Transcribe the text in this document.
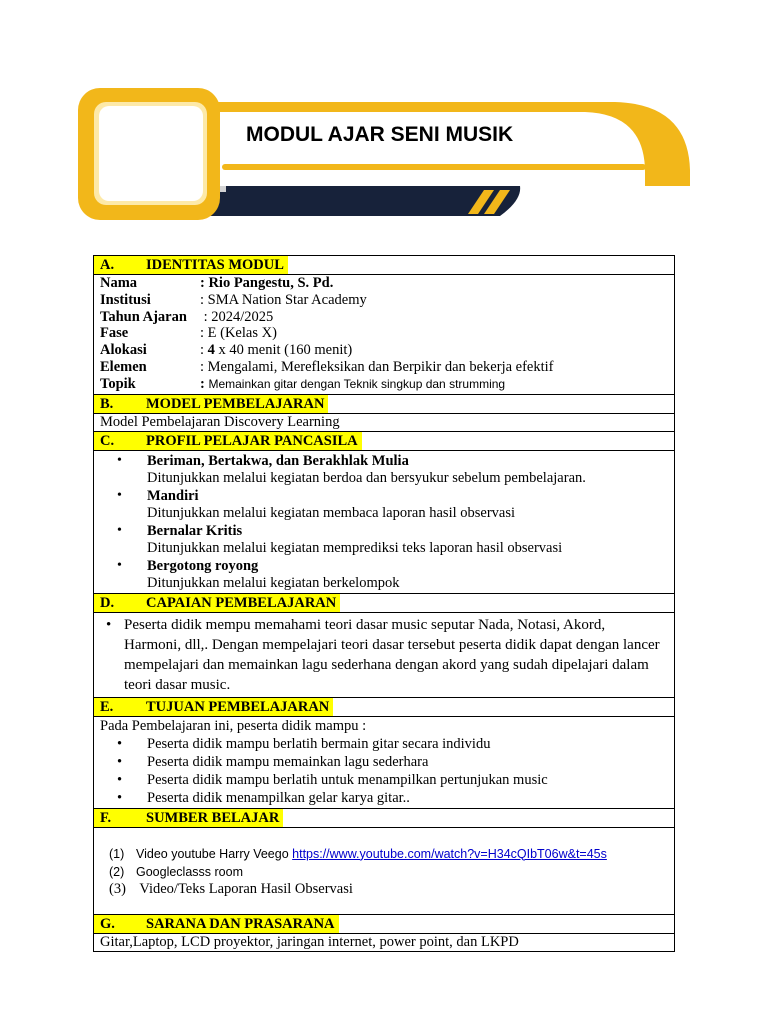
MODUL AJAR SENI MUSIK
A. IDENTITAS MODUL
Nama	: Rio Pangestu, S. Pd.
Institusi	: SMA Nation Star Academy
Tahun Ajaran : 2024/2025
Fase	: E (Kelas X)
Alokasi	: 4 x 40 menit (160 menit)
Elemen	: Mengalami, Merefleksikan dan Berpikir dan bekerja efektif
Topik	: Memainkan gitar dengan Teknik singkup dan strumming
B. MODEL PEMBELAJARAN
Model Pembelajaran Discovery Learning
C. PROFIL PELAJAR PANCASILA
• Beriman, Bertakwa, dan Berakhlak Mulia
Ditunjukkan melalui kegiatan berdoa dan bersyukur sebelum pembelajaran.
• Mandiri
Ditunjukkan melalui kegiatan membaca laporan hasil observasi
• Bernalar Kritis
Ditunjukkan melalui kegiatan memprediksi teks laporan hasil observasi
• Bergotong royong
Ditunjukkan melalui kegiatan berkelompok
D. CAPAIAN PEMBELAJARAN
• Peserta didik mempu memahami teori dasar music seputar Nada, Notasi, Akord, Harmoni, dll,. Dengan mempelajari teori dasar tersebut peserta didik dapat dengan lancer mempelajari dan memainkan lagu sederhana dengan akord yang sudah dipelajari dalam teori dasar music.
E. TUJUAN PEMBELAJARAN
Pada Pembelajaran ini, peserta didik mampu :
• Peserta didik mampu berlatih bermain gitar secara individu
• Peserta didik mampu memainkan lagu sederhara
• Peserta didik mampu berlatih untuk menampilkan pertunjukan music
• Peserta didik menampilkan gelar karya gitar..
F. SUMBER BELAJAR
(1) Video youtube Harry Veego https://www.youtube.com/watch?v=H34cQIbT06w&t=45s
(2) Googleclasss room
(3) Video/Teks Laporan Hasil Observasi
G. SARANA DAN PRASARANA
Gitar,Laptop, LCD proyektor, jaringan internet, power point, dan LKPD
